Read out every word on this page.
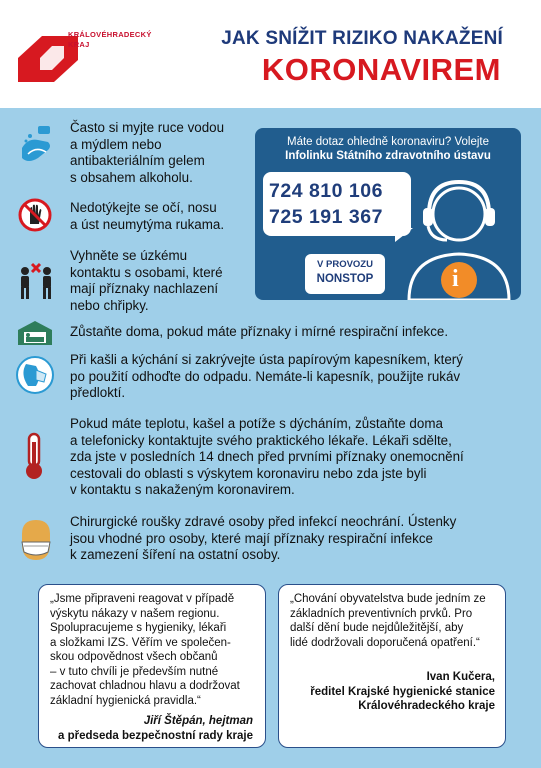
KRÁLOVÉHRADECKÝ
KRAJ	JAK SNÍŽIT RIZIKO NAKAŽENÍ
KORONAVIREM
Často si myjte ruce vodou
a mýdlem nebo
antibakteriálním gelem
s obsahem alkoholu.
Nedotýkejte se očí, nosu
a úst neumytýma rukama.
Vyhněte se úzkému
kontaktu s osobami, které
mají příznaky nachlazení
nebo chřipky.
Zůstaňte doma, pokud máte příznaky i mírné respirační infekce.
Při kašli a kýchání si zakrývejte ústa papírovým kapesníkem, který
po použití odhoďte do odpadu. Nemáte-li kapesník, použijte rukáv
předloktí.
Pokud máte teplotu, kašel a potíže s dýcháním, zůstaňte doma
a telefonicky kontaktujte svého praktického lékaře. Lékaři sdělte,
zda jste v posledních 14 dnech před prvními příznaky onemocnění
cestovali do oblasti s výskytem koronaviru nebo zda jste byli
v kontaktu s nakaženým koronavirem.
Chirurgické roušky zdravé osoby před infekcí neochrání. Ústenky
jsou vhodné pro osoby, které mají příznaky respirační infekce
k zamezení šíření na ostatní osoby.
Máte dotaz ohledně koronaviru? Volejte
Infolinku Státního zdravotního ústavu
724 810 106
725 191 367
V PROVOZU
NONSTOP	i
„Jsme připraveni reagovat v případě
výskytu nákazy v našem regionu.
Spolupracujeme s hygieniky, lékaři
a složkami IZS. Věřím ve společen-
skou odpovědnost všech občanů
– v tuto chvíli je především nutné
zachovat chladnou hlavu a dodržovat
základní hygienická pravidla.“
Jiří Štěpán, hejtman
a předseda bezpečnostní rady kraje
„Chování obyvatelstva bude jedním ze
základních preventivních prvků. Pro
další dění bude nejdůležitější, aby
lidé dodržovali doporučená opatření.“
Ivan Kučera,
ředitel Krajské hygienické stanice
Královéhradeckého kraje
